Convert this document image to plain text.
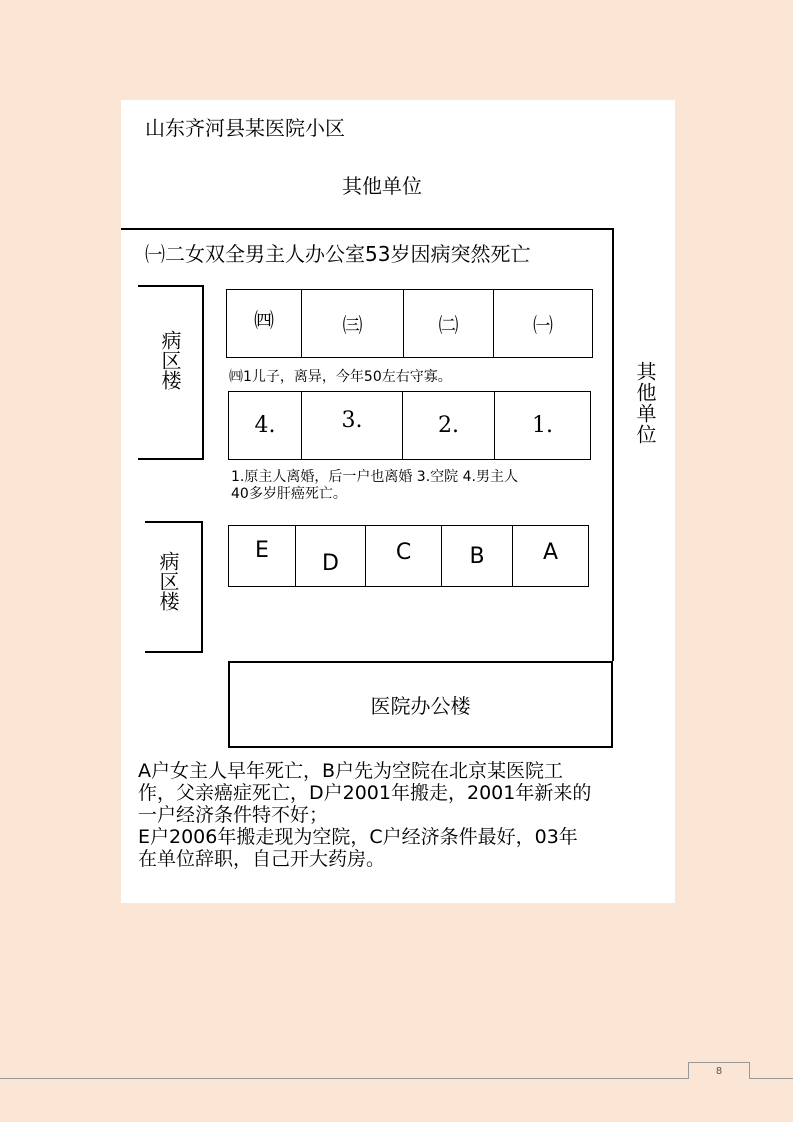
山东齐河县某医院小区
其他单位
其他单位
㈠二女双全男主人办公室53岁因病突然死亡
病区楼
㈣	㈢	㈡	㈠
㈣1儿子，离异，今年50左右守寡。
4.	3.	2.	1.
1.原主人离婚，后一户也离婚 3.空院 4.男主人
40多岁肝癌死亡。
病区楼
E
D	C	B	A
医院办公楼
A户女主人早年死亡，B户先为空院在北京某医院工
作，父亲癌症死亡，D户2001年搬走，2001年新来的
一户经济条件特不好；
E户2006年搬走现为空院，C户经济条件最好，03年
在单位辞职，自己开大药房。
8
